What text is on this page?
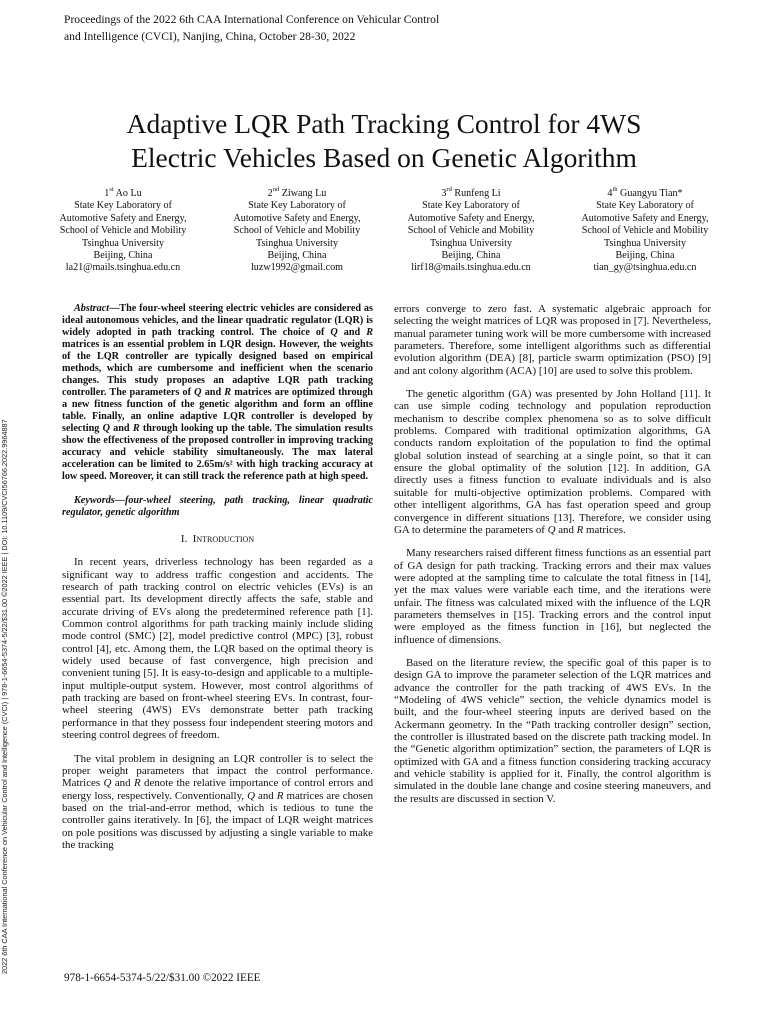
Proceedings of the 2022 6th CAA International Conference on Vehicular Control
and Intelligence (CVCI), Nanjing, China, October 28-30, 2022
Adaptive LQR Path Tracking Control for 4WS
Electric Vehicles Based on Genetic Algorithm
1st Ao Lu
State Key Laboratory of
Automotive Safety and Energy,
School of Vehicle and Mobility
Tsinghua University
Beijing, China
la21@mails.tsinghua.edu.cn
2nd Ziwang Lu
State Key Laboratory of
Automotive Safety and Energy,
School of Vehicle and Mobility
Tsinghua University
Beijing, China
luzw1992@gmail.com
3rd Runfeng Li
State Key Laboratory of
Automotive Safety and Energy,
School of Vehicle and Mobility
Tsinghua University
Beijing, China
lirf18@mails.tsinghua.edu.cn
4th Guangyu Tian*
State Key Laboratory of
Automotive Safety and Energy,
School of Vehicle and Mobility
Tsinghua University
Beijing, China
tian_gy@tsinghua.edu.cn
2022 6th CAA International Conference on Vehicular Control and Intelligence (CVCI) | 978-1-6654-5374-5/22/$31.00 ©2022 IEEE | DOI: 10.1109/CVCI56766.2022.9964887

Abstract—The four-wheel steering electric vehicles are considered as ideal autonomous vehicles, and the linear quadratic regulator (LQR) is widely adopted in path tracking control. The choice of Q and R matrices is an essential problem in LQR design. However, the weights of the LQR controller are typically designed based on empirical methods, which are cumbersome and inefficient when the scenario changes. This study proposes an adaptive LQR path tracking controller. The parameters of Q and R matrices are optimized through a new fitness function of the genetic algorithm and form an offline table. Finally, an online adaptive LQR controller is developed by selecting Q and R through looking up the table. The simulation results show the effectiveness of the proposed controller in improving tracking accuracy and vehicle stability simultaneously. The max lateral acceleration can be limited to 2.65m/s² with high tracking accuracy at low speed. Moreover, it can still track the reference path at high speed.

Keywords—four-wheel steering, path tracking, linear quadratic regulator, genetic algorithm

I. Introduction

In recent years, driverless technology has been regarded as a significant way to address traffic congestion and accidents. The research of path tracking control on electric vehicles (EVs) is an essential part. Its development directly affects the safe, stable and accurate driving of EVs along the predetermined reference path [1]. Common control algorithms for path tracking mainly include sliding mode control (SMC) [2], model predictive control (MPC) [3], robust control [4], etc. Among them, the LQR based on the optimal theory is widely used because of fast convergence, high precision and convenient tuning [5]. It is easy-to-design and applicable to a multiple-input multiple-output system. However, most control algorithms of path tracking are based on front-wheel steering EVs. In contrast, four-wheel steering (4WS) EVs demonstrate better path tracking performance in that they possess four independent steering motors and steering control degrees of freedom.

The vital problem in designing an LQR controller is to select the proper weight parameters that impact the control performance. Matrices Q and R denote the relative importance of control errors and energy loss, respectively. Conventionally, Q and R matrices are chosen based on the trial-and-error method, which is tedious to tune the controller gains iteratively. In [6], the impact of LQR weight matrices on pole positions was discussed by adjusting a single variable to make the tracking

errors converge to zero fast. A systematic algebraic approach for selecting the weight matrices of LQR was proposed in [7]. Nevertheless, manual parameter tuning work will be more cumbersome with increased parameters. Therefore, some intelligent algorithms such as differential evolution algorithm (DEA) [8], particle swarm optimization (PSO) [9] and ant colony algorithm (ACA) [10] are used to solve this problem.

The genetic algorithm (GA) was presented by John Holland [11]. It can use simple coding technology and population reproduction mechanism to describe complex phenomena so as to solve difficult problems. Compared with traditional optimization algorithms, GA conducts random exploitation of the population to find the optimal global solution instead of searching at a single point, so that it can ensure the global optimality of the solution [12]. In addition, GA directly uses a fitness function to evaluate individuals and is also suitable for multi-objective optimization problems. Compared with other intelligent algorithms, GA has fast operation speed and group convergence in different situations [13]. Therefore, we consider using GA to determine the parameters of Q and R matrices.

Many researchers raised different fitness functions as an essential part of GA design for path tracking. Tracking errors and their max values were adopted at the sampling time to calculate the total fitness in [14], yet the max values were variable each time, and the iterations were unfair. The fitness was calculated mixed with the influence of the LQR parameters themselves in [15]. Tracking errors and the control input were employed as the fitness function in [16], but neglected the influence of dimensions.

Based on the literature review, the specific goal of this paper is to design GA to improve the parameter selection of the LQR matrices and advance the controller for the path tracking of 4WS EVs. In the “Modeling of 4WS vehicle” section, the vehicle dynamics model is built, and the four-wheel steering inputs are derived based on the Ackermann geometry. In the “Path tracking controller design” section, the controller is illustrated based on the discrete path tracking model. In the “Genetic algorithm optimization” section, the parameters of LQR is optimized with GA and a fitness function considering tracking accuracy and vehicle stability is applied for it. Finally, the control algorithm is simulated in the double lane change and cosine steering maneuvers, and the results are discussed in section V.

978-1-6654-5374-5/22/$31.00 ©2022 IEEE
